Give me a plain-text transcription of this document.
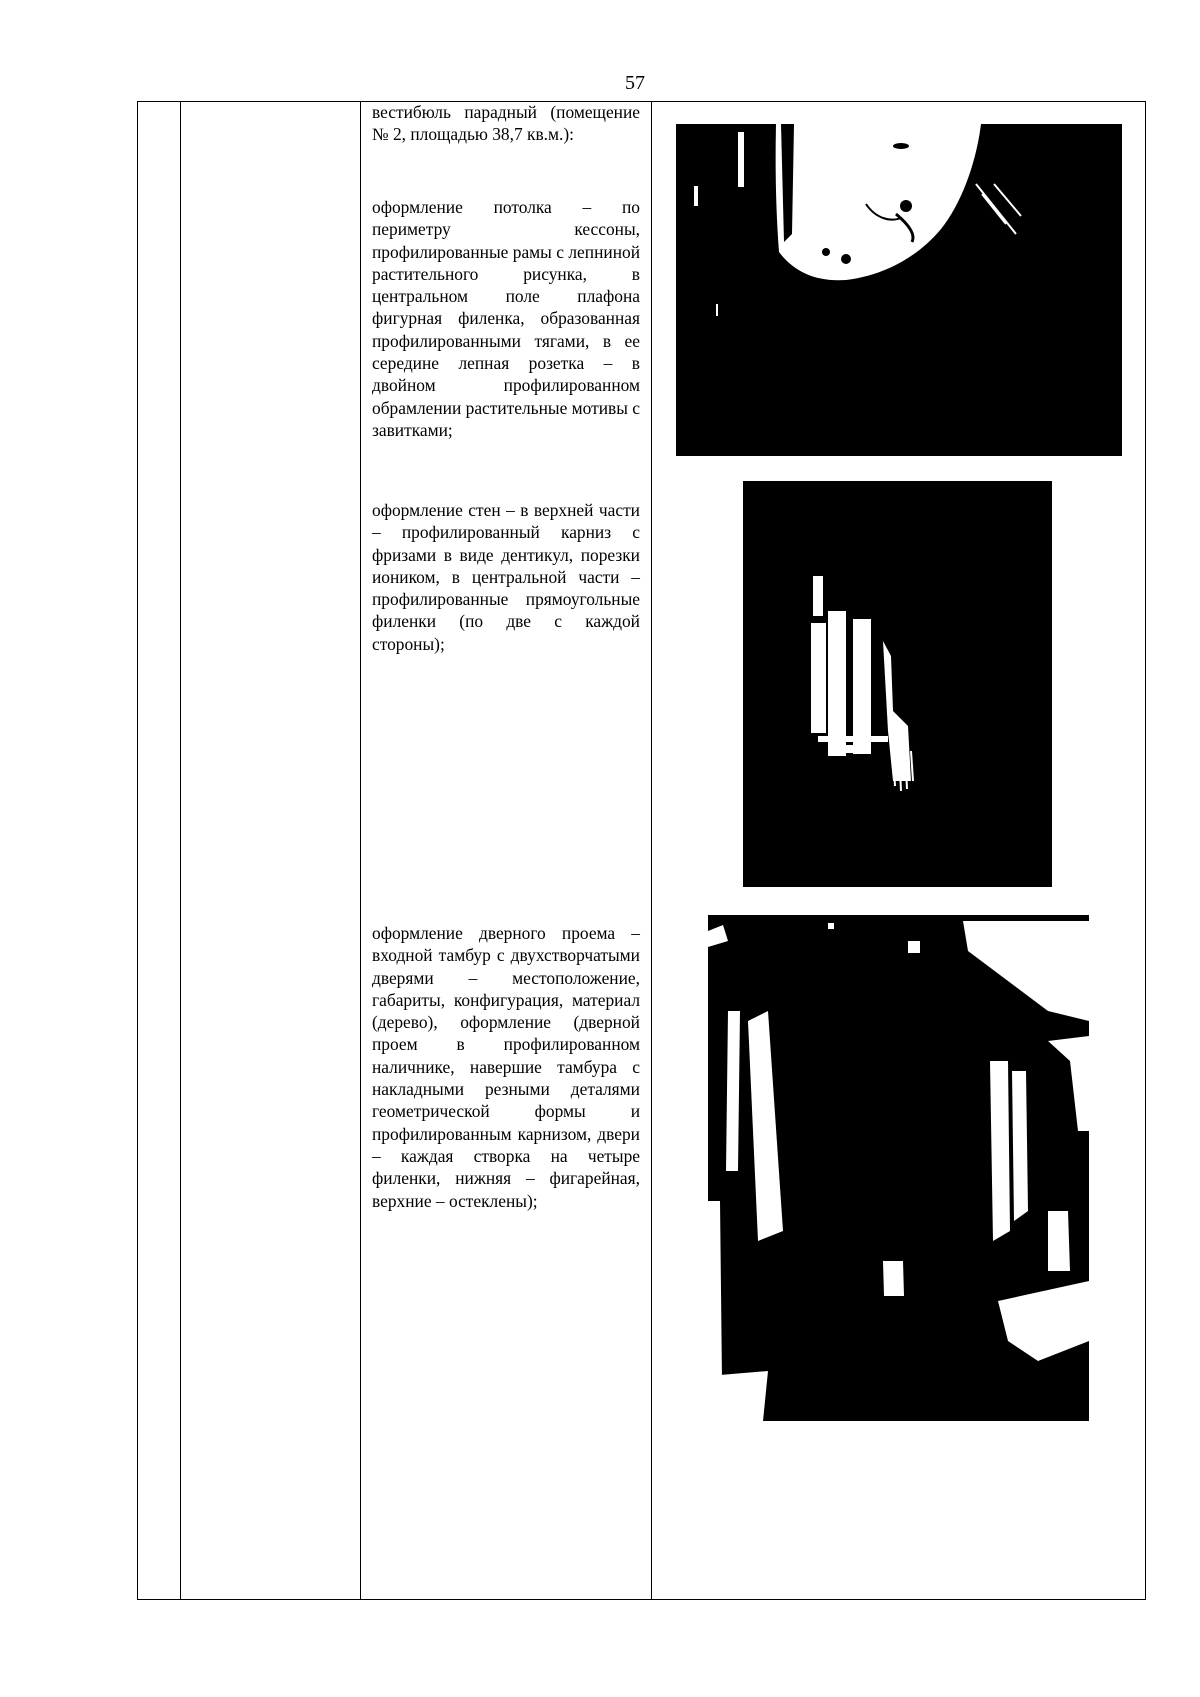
57

вестибюль парадный (помещение № 2, площадью 38,7 кв.м.):

оформление потолка – по периметру кессоны, профилированные рамы с лепниной растительного рисунка, в центральном поле плафона фигурная филенка, образованная профилированными тягами, в ее середине лепная розетка – в двойном профилированном обрамлении растительные мотивы с завитками;

оформление стен – в верхней части – профилированный карниз с фризами в виде дентикул, порезки иоником, в центральной части – профилированные прямоугольные филенки (по две с каждой стороны);

оформление дверного проема – входной тамбур с двухстворчатыми дверями – местоположение, габариты, конфигурация, материал (дерево), оформление (дверной проем в профилированном наличнике, навершие тамбура с накладными резными деталями геометрической формы и профилированным карнизом, двери – каждая створка на четыре филенки, нижняя – фигарейная, верхние – остеклены);
